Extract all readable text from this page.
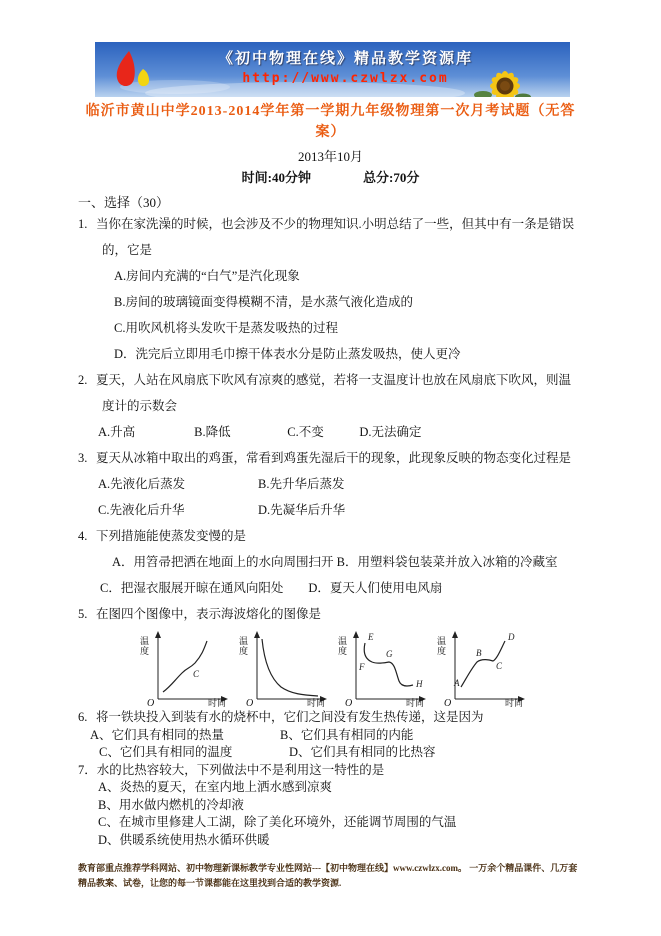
《初中物理在线》精品教学资源库
http://www.czwlzx.com
临沂市黄山中学2013-2014学年第一学期九年级物理第一次月考试题（无答案）
2013年10月
时间:40分钟	总分:70分
一、选择（30）
1. 当你在家洗澡的时候，也会涉及不少的物理知识.小明总结了一些，但其中有一条是错误的，它是
A.房间内充满的“白气”是汽化现象
B.房间的玻璃镜面变得模糊不清，是水蒸气液化造成的
C.用吹风机将头发吹干是蒸发吸热的过程
D．洗完后立即用毛巾擦干体表水分是防止蒸发吸热，使人更冷
2. 夏天，人站在风扇底下吹风有凉爽的感觉，若将一支温度计也放在风扇底下吹风，则温度计的示数会
A.升高	B.降低	C.不变	D.无法确定
3. 夏天从冰箱中取出的鸡蛋，常看到鸡蛋先湿后干的现象，此现象反映的物态变化过程是
A.先液化后蒸发	B.先升华后蒸发
C.先液化后升华	D.先凝华后升华
4. 下列措施能使蒸发变慢的是
A．用笤帚把洒在地面上的水向周围扫开 B．用塑料袋包装菜并放入冰箱的冷藏室　　C．把湿衣服展开晾在通风向阳处　　D．夏天人们使用电风扇
5. 在图四个图像中，表示海波熔化的图像是
C
温度
时间
O
温度
时间
O
E
F
G
H
温度
时间
O
A
B
C
D
温度
时间
O
6. 将一铁块投入到装有水的烧杯中，它们之间没有发生热传递，这是因为
A、它们具有相同的热量	B、它们具有相同的内能
C、它们具有相同的温度	D、它们具有相同的比热容
7．水的比热容较大，下列做法中不是利用这一特性的是
A、炎热的夏天，在室内地上洒水感到凉爽
B、用水做内燃机的冷却液
C、在城市里修建人工湖，除了美化环境外，还能调节周围的气温
D、供暖系统使用热水循环供暖
教育部重点推荐学科网站、初中物理新课标教学专业性网站---【初中物理在线】www.czwlzx.com。 一万余个精品课件、几万套精品教案、试卷，让您的每一节课都能在这里找到合适的教学资源.
